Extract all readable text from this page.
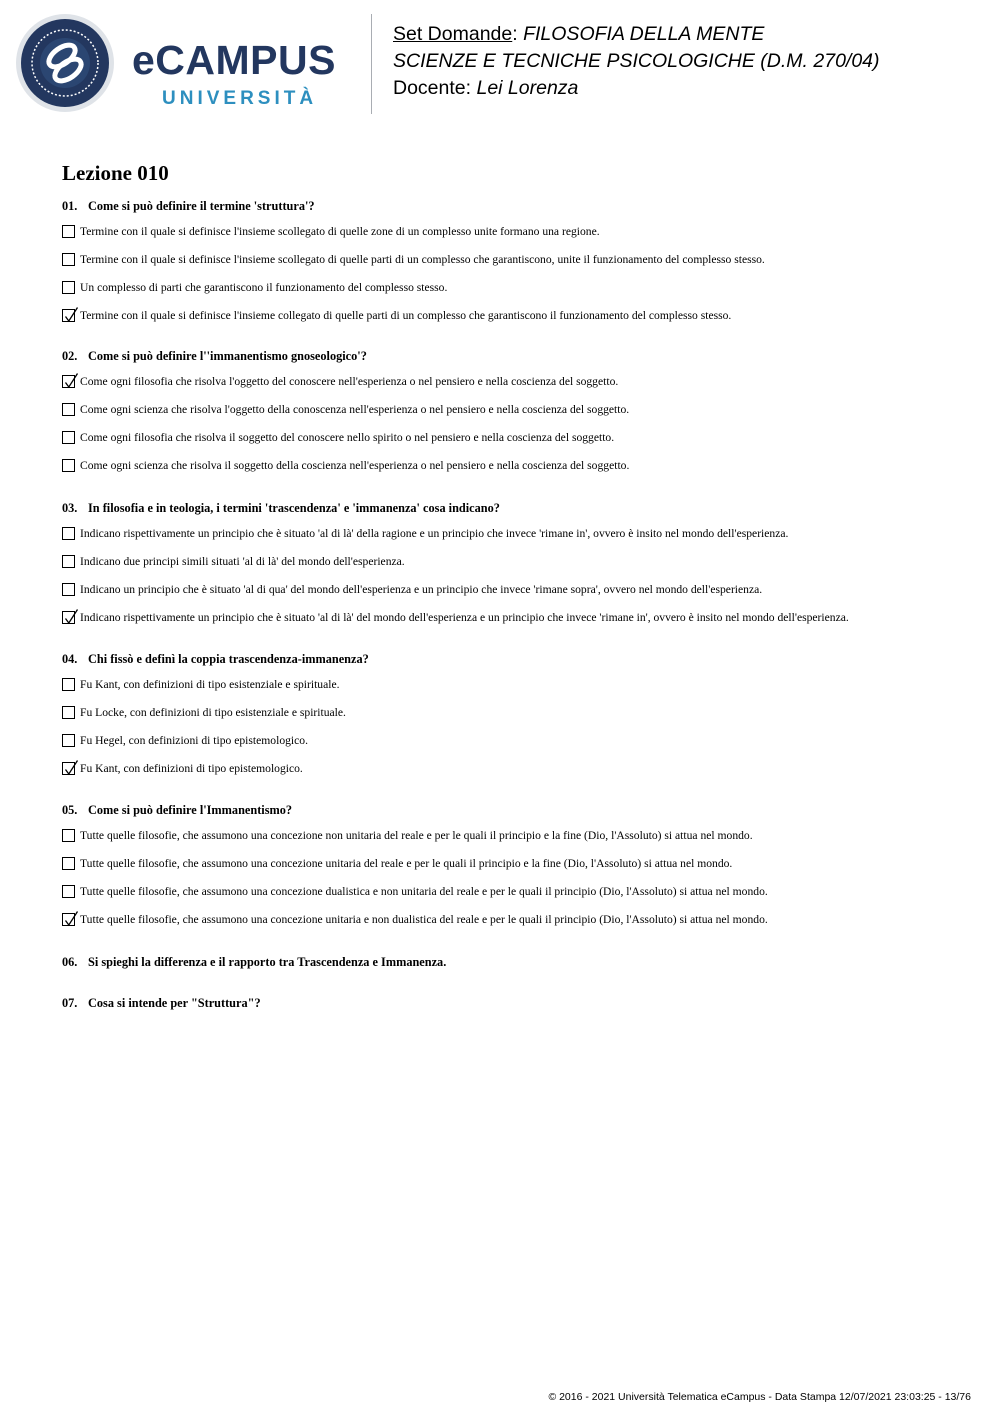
eCAMPUS
UNIVERSITÀ
Set Domande: FILOSOFIA DELLA MENTE
SCIENZE E TECNICHE PSICOLOGICHE (D.M. 270/04)
Docente: Lei Lorenza
Lezione 010
01. Come si può definire il termine 'struttura'?
Termine con il quale si definisce l'insieme scollegato di quelle zone di un complesso unite formano una regione.
Termine con il quale si definisce l'insieme scollegato di quelle parti di un complesso che garantiscono, unite il funzionamento del complesso stesso.
Un complesso di parti che garantiscono il funzionamento del complesso stesso.
Termine con il quale si definisce l'insieme collegato di quelle parti di un complesso che garantiscono il funzionamento del complesso stesso.
02. Come si può definire l''immanentismo gnoseologico'?
Come ogni filosofia che risolva l'oggetto del conoscere nell'esperienza o nel pensiero e nella coscienza del soggetto.
Come ogni scienza che risolva l'oggetto della conoscenza nell'esperienza o nel pensiero e nella coscienza del soggetto.
Come ogni filosofia che risolva il soggetto del conoscere nello spirito o nel pensiero e nella coscienza del soggetto.
Come ogni scienza che risolva il soggetto della coscienza nell'esperienza o nel pensiero e nella coscienza del soggetto.
03. In filosofia e in teologia, i termini 'trascendenza' e 'immanenza' cosa indicano?
Indicano rispettivamente un principio che è situato 'al di là' della ragione e un principio che invece 'rimane in', ovvero è insito nel mondo dell'esperienza.
Indicano due principi simili situati 'al di là' del mondo dell'esperienza.
Indicano un principio che è situato 'al di qua' del mondo dell'esperienza e un principio che invece 'rimane sopra', ovvero nel mondo dell'esperienza.
Indicano rispettivamente un principio che è situato 'al di là' del mondo dell'esperienza e un principio che invece 'rimane in', ovvero è insito nel mondo dell'esperienza.
04. Chi fissò e definì la coppia trascendenza-immanenza?
Fu Kant, con definizioni di tipo esistenziale e spirituale.
Fu Locke, con definizioni di tipo esistenziale e spirituale.
Fu Hegel, con definizioni di tipo epistemologico.
Fu Kant, con definizioni di tipo epistemologico.
05. Come si può definire l'Immanentismo?
Tutte quelle filosofie, che assumono una concezione non unitaria del reale e per le quali il principio e la fine (Dio, l'Assoluto) si attua nel mondo.
Tutte quelle filosofie, che assumono una concezione unitaria del reale e per le quali il principio e la fine (Dio, l'Assoluto) si attua nel mondo.
Tutte quelle filosofie, che assumono una concezione dualistica e non unitaria del reale e per le quali il principio (Dio, l'Assoluto) si attua nel mondo.
Tutte quelle filosofie, che assumono una concezione unitaria e non dualistica del reale e per le quali il principio (Dio, l'Assoluto) si attua nel mondo.
06. Si spieghi la differenza e il rapporto tra Trascendenza e Immanenza.
07. Cosa si intende per "Struttura"?
© 2016 - 2021 Università Telematica eCampus - Data Stampa 12/07/2021 23:03:25 - 13/76
